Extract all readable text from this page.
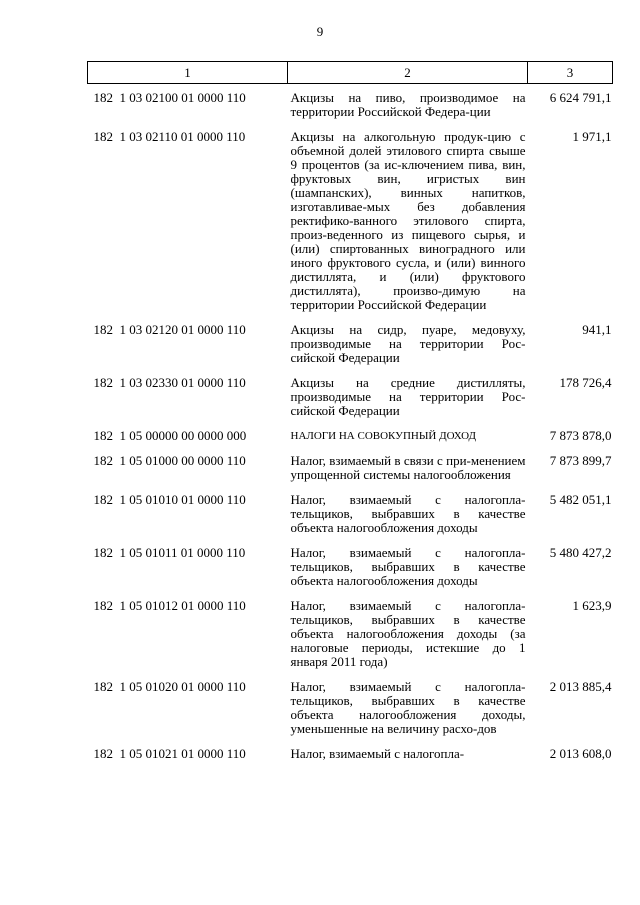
9
1	2	3
182  1 03 02100 01 0000 110	Акцизы на пиво, производимое на территории Российской Федера-ции	6 624 791,1
182  1 03 02110 01 0000 110	Акцизы на алкогольную продук-цию с объемной долей этилового спирта свыше 9 процентов (за ис-ключением пива, вин, фруктовых вин, игристых вин (шампанских), винных напитков, изготавливае-мых без добавления ректифико-ванного этилового спирта, произ-веденного из пищевого сырья, и (или) спиртованных виноградного или иного фруктового сусла, и (или) винного дистиллята, и (или) фруктового дистиллята), произво-димую на территории Российской Федерации	1 971,1
182  1 03 02120 01 0000 110	Акцизы на сидр, пуаре, медовуху, производимые на территории Рос-сийской Федерации	941,1
182  1 03 02330 01 0000 110	Акцизы на средние дистилляты, производимые на территории Рос-сийской Федерации	178 726,4
182  1 05 00000 00 0000 000	НАЛОГИ НА СОВОКУПНЫЙ ДОХОД	7 873 878,0
182  1 05 01000 00 0000 110	Налог, взимаемый в связи с при-менением упрощенной системы налогообложения	7 873 899,7
182  1 05 01010 01 0000 110	Налог, взимаемый с налогопла-тельщиков, выбравших в качестве объекта налогообложения доходы	5 482 051,1
182  1 05 01011 01 0000 110	Налог, взимаемый с налогопла-тельщиков, выбравших в качестве объекта налогообложения доходы	5 480 427,2
182  1 05 01012 01 0000 110	Налог, взимаемый с налогопла-тельщиков, выбравших в качестве объекта налогообложения доходы (за налоговые периоды, истекшие до 1 января 2011 года)	1 623,9
182  1 05 01020 01 0000 110	Налог, взимаемый с налогопла-тельщиков, выбравших в качестве объекта налогообложения доходы, уменьшенные на величину расхо-дов	2 013 885,4
182  1 05 01021 01 0000 110	Налог, взимаемый с налогопла-	2 013 608,0
